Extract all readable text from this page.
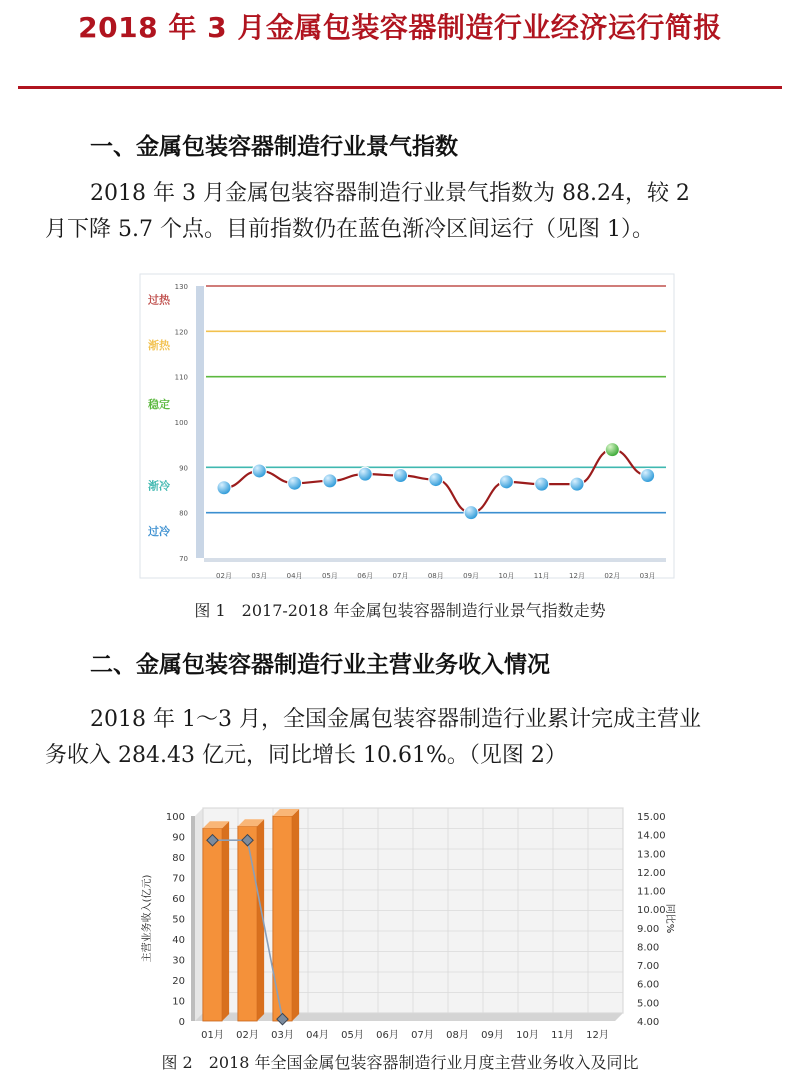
2018 年 3 月金属包装容器制造行业经济运行简报
一、金属包装容器制造行业景气指数
2018 年 3 月金属包装容器制造行业景气指数为 88.24，较 2
月下降 5.7 个点。目前指数仍在蓝色渐冷区间运行（见图 1）。
70
80
90
100
110
120
130
过热
渐热
稳定
渐冷
过冷
02月	03月	04月	05月	06月	07月	08月	09月	10月	11月	12月	02月	03月
图 1　2017-2018 年金属包装容器制造行业景气指数走势
二、金属包装容器制造行业主营业务收入情况
2018 年 1～3 月，全国金属包装容器制造行业累计完成主营业
务收入 284.43 亿元，同比增长 10.61%。（见图 2）
0
10
20
30
40
50
60
70
80
90
100
4.00
5.00
6.00
7.00
8.00
9.00
10.00
11.00
12.00
13.00
14.00
15.00
主营业务收入(亿元)	同比%
01月 02月 03月 04月 05月 06月 07月 08月 09月 10月 11月 12月
图 2　2018 年全国金属包装容器制造行业月度主营业务收入及同比
